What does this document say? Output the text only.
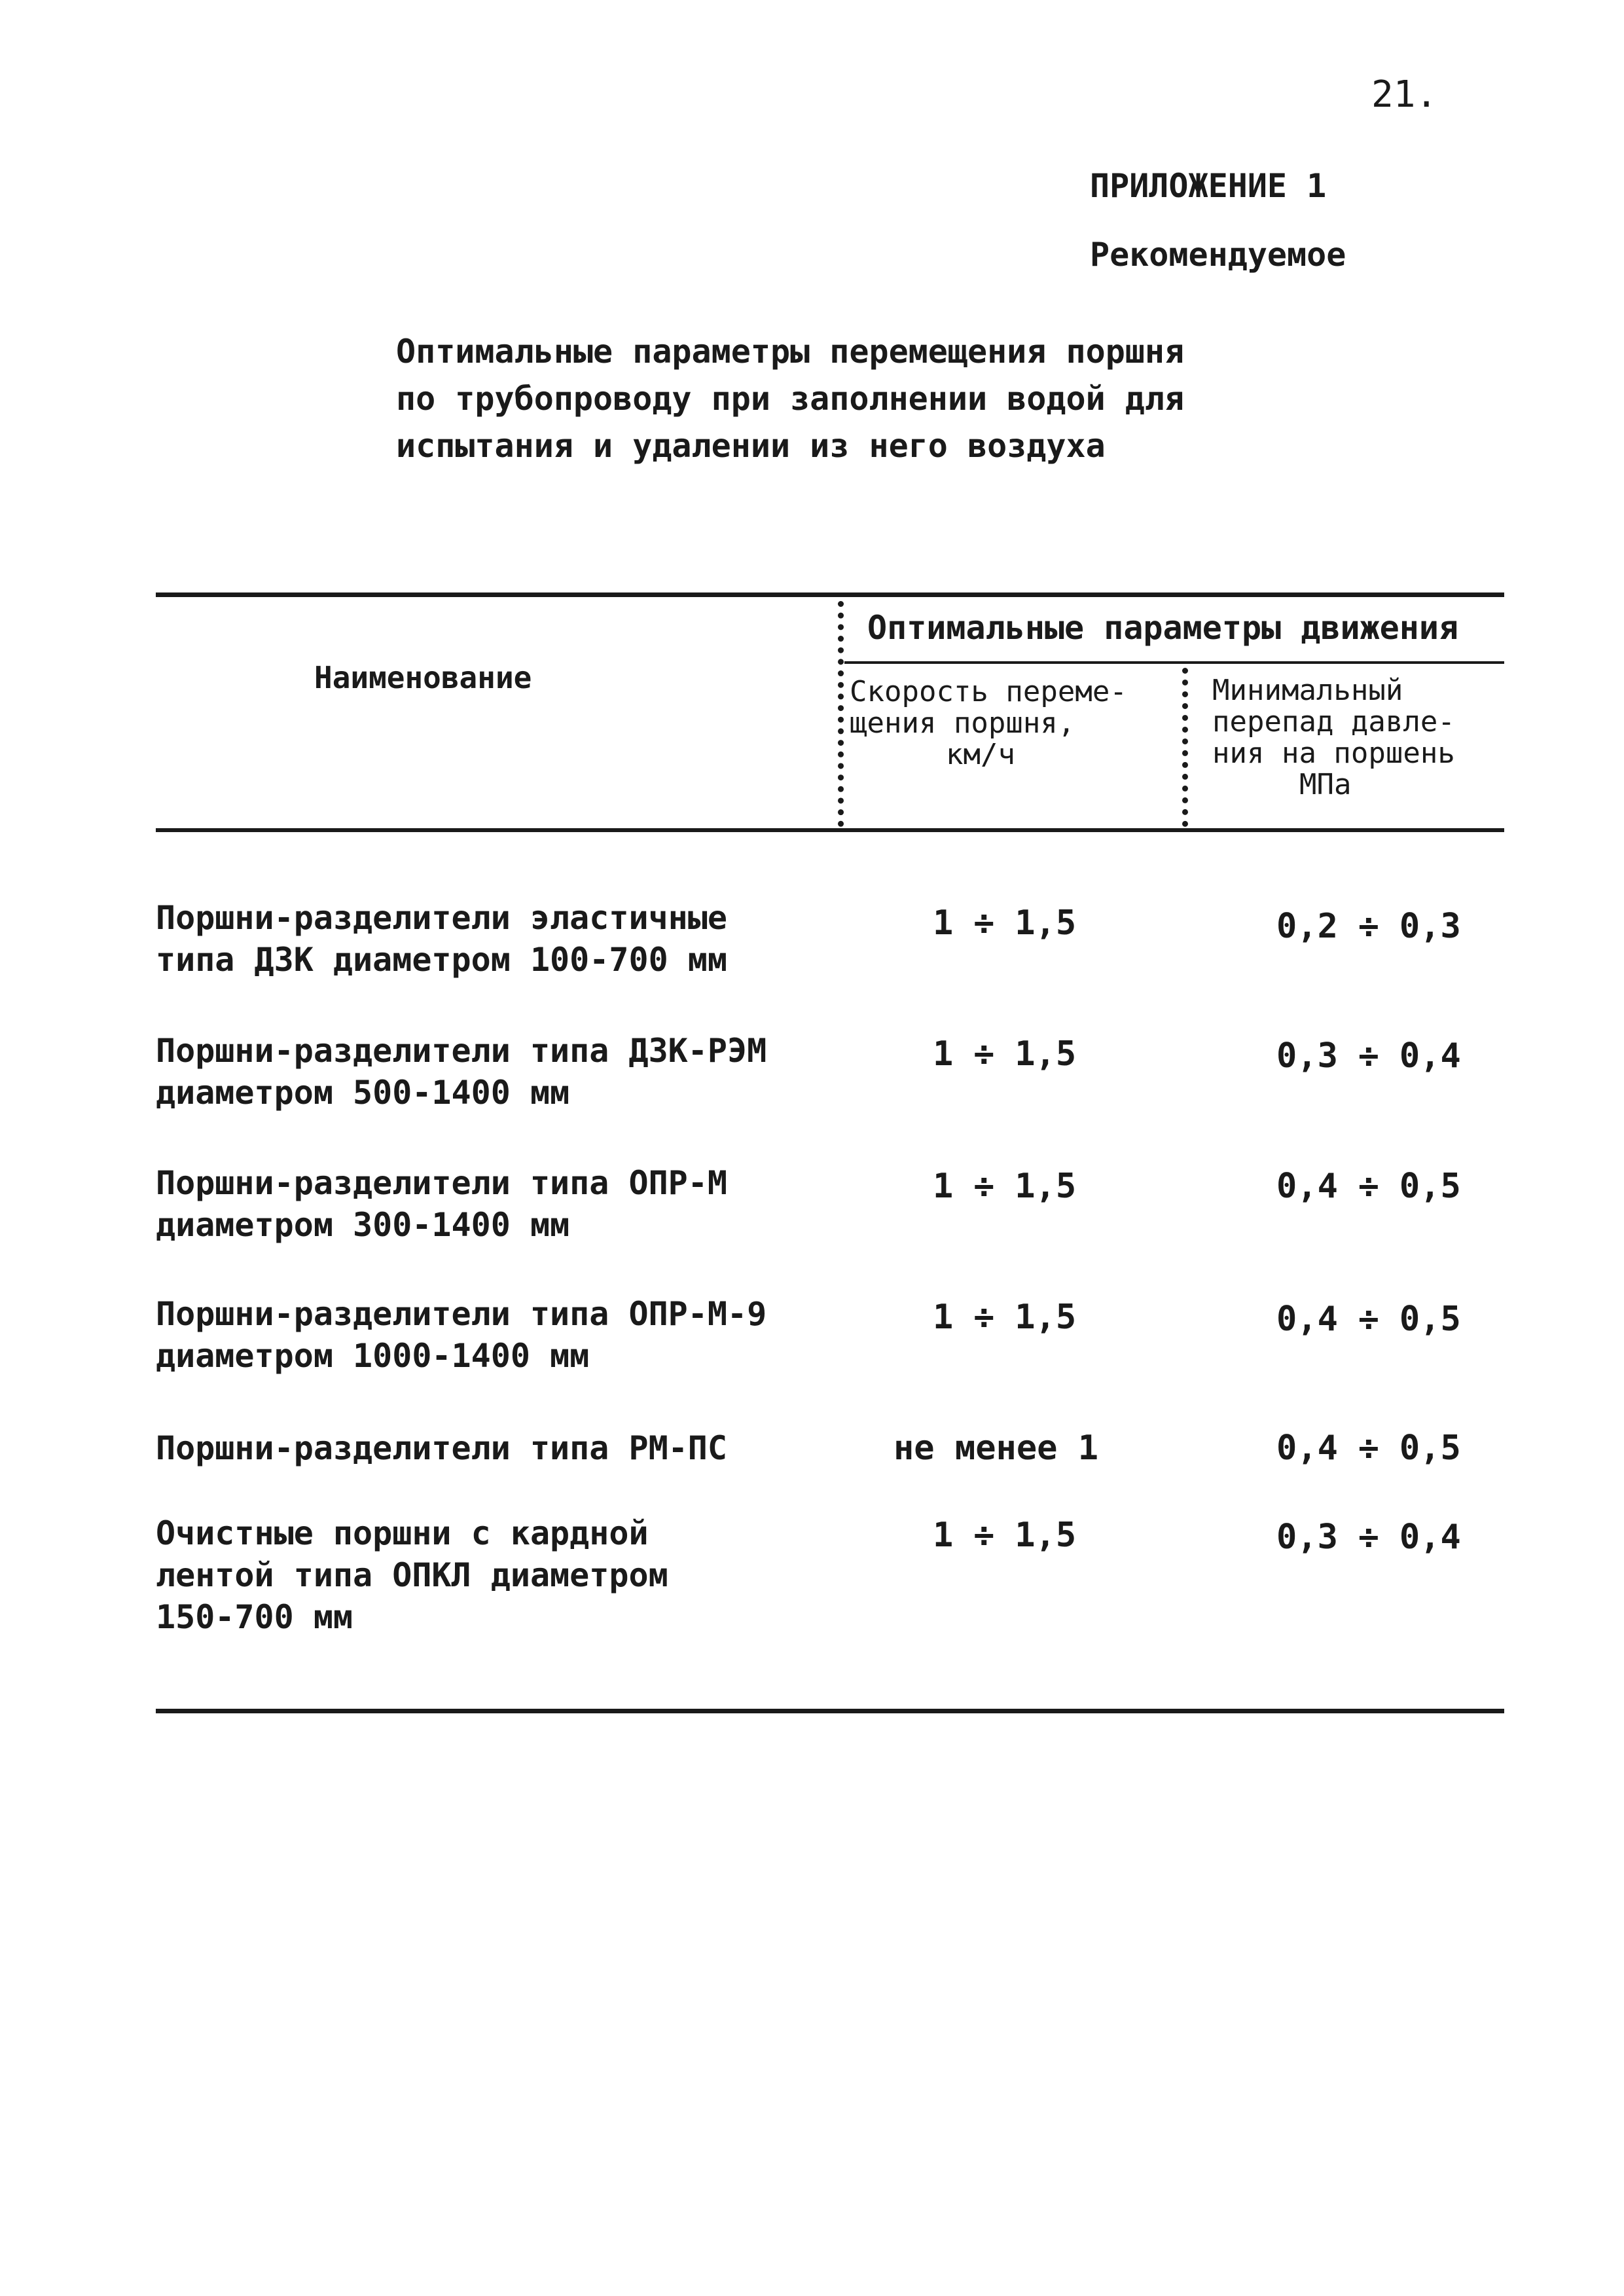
21.
ПРИЛОЖЕНИЕ 1
Рекомендуемое
Оптимальные параметры перемещения поршня
по трубопроводу при заполнении водой для
испытания и удалении из него воздуха
Наименование
Оптимальные параметры движения
Скорость переме-
щения поршня,
км/ч
Минимальный
перепад давле-
ния на поршень
МПа
Поршни-разделители эластичные
типа ДЗК диаметром 100-700 мм
1 ÷ 1,5	0,2 ÷ 0,3
Поршни-разделители типа ДЗК-РЭМ
диаметром 500-1400 мм
1 ÷ 1,5	0,3 ÷ 0,4
Поршни-разделители типа ОПР-М
диаметром 300-1400 мм
1 ÷ 1,5	0,4 ÷ 0,5
Поршни-разделители типа ОПР-М-9
диаметром 1000-1400 мм
1 ÷ 1,5	0,4 ÷ 0,5
Поршни-разделители типа РМ-ПС	не менее 1	0,4 ÷ 0,5
Очистные поршни с кардной
лентой типа ОПКЛ диаметром
150-700 мм
1 ÷ 1,5	0,3 ÷ 0,4
